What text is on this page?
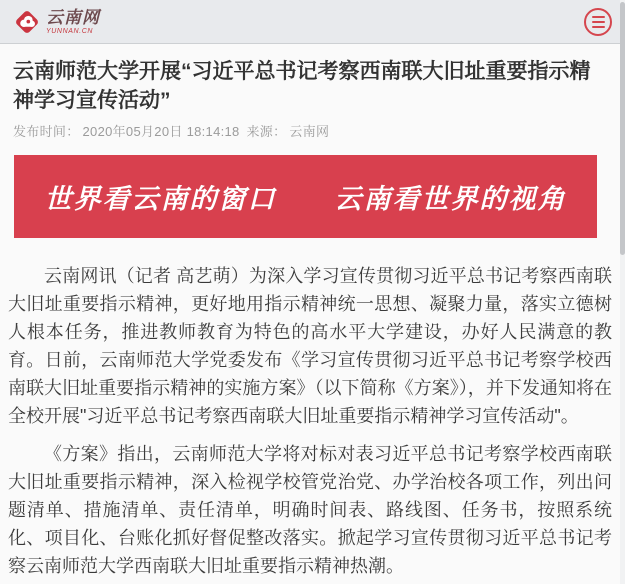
云南网
YUNNAN.CN
云南师范大学开展“习近平总书记考察西南联大旧址重要指示精神学习宣传活动”
发布时间： 2020年05月20日 18:14:18 来源： 云南网
世界看云南的窗口　　云南看世界的视角

云南网讯（记者 高艺萌）为深入学习宣传贯彻习近平总书记考察西南联大旧址重要指示精神，更好地用指示精神统一思想、凝聚力量，落实立德树人根本任务，推进教师教育为特色的高水平大学建设，办好人民满意的教育。日前，云南师范大学党委发布《学习宣传贯彻习近平总书记考察学校西南联大旧址重要指示精神的实施方案》（以下简称《方案》），并下发通知将在全校开展"习近平总书记考察西南联大旧址重要指示精神学习宣传活动"。

《方案》指出，云南师范大学将对标对表习近平总书记考察学校西南联大旧址重要指示精神，深入检视学校管党治党、办学治校各项工作，列出问题清单、措施清单、责任清单，明确时间表、路线图、任务书，按照系统化、项目化、台账化抓好督促整改落实。掀起学习宣传贯彻习近平总书记考察云南师范大学西南联大旧址重要指示精神热潮。
